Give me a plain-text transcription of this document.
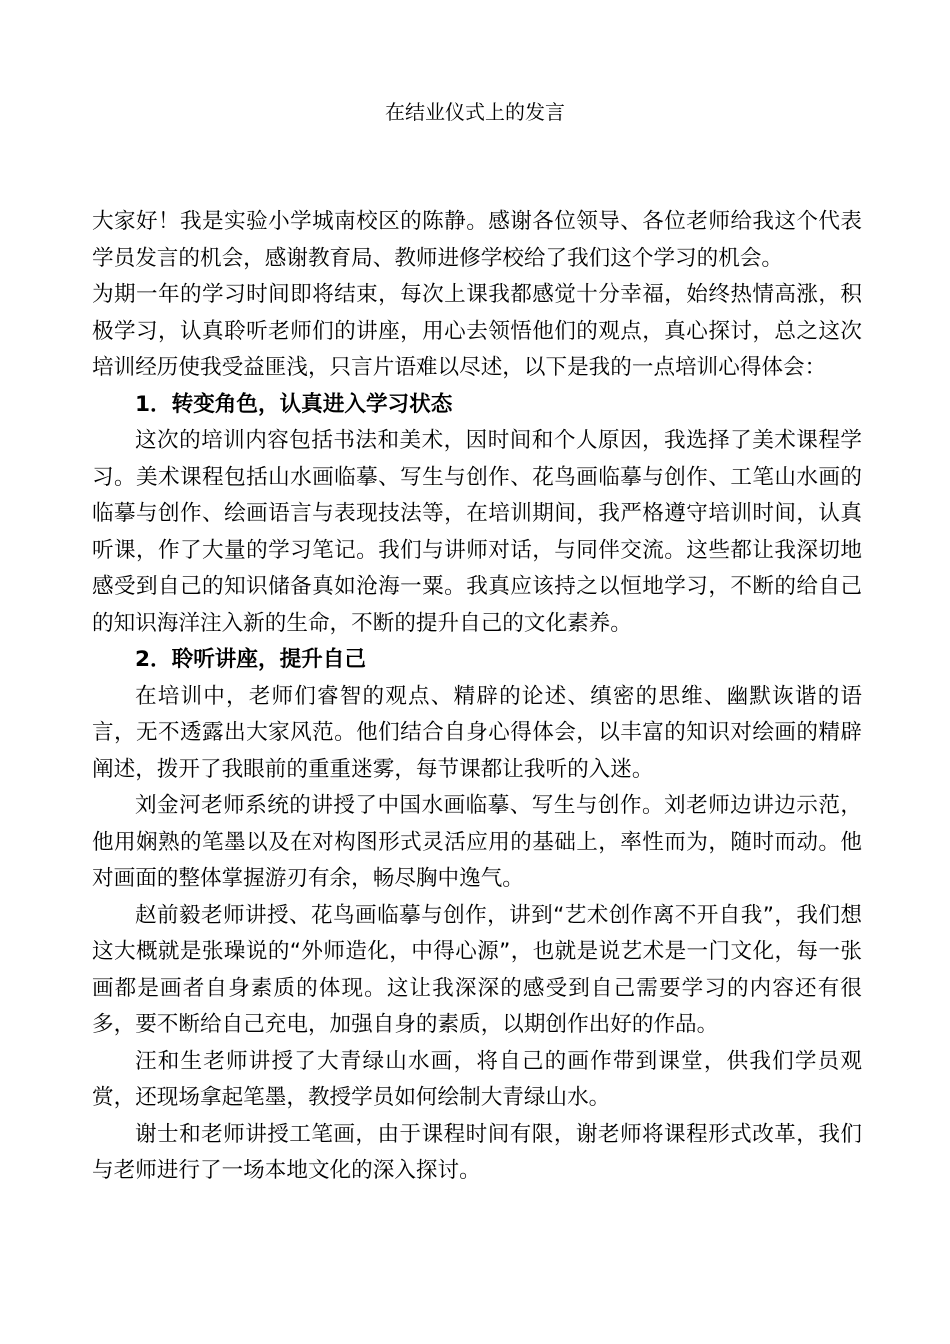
在结业仪式上的发言

大家好！我是实验小学城南校区的陈静。感谢各位领导、各位老师给我这个代表学员发言的机会，感谢教育局、教师进修学校给了我们这个学习的机会。

为期一年的学习时间即将结束，每次上课我都感觉十分幸福，始终热情高涨，积极学习，认真聆听老师们的讲座，用心去领悟他们的观点，真心探讨，总之这次培训经历使我受益匪浅，只言片语难以尽述，以下是我的一点培训心得体会：

1．转变角色，认真进入学习状态

这次的培训内容包括书法和美术，因时间和个人原因，我选择了美术课程学习。美术课程包括山水画临摹、写生与创作、花鸟画临摹与创作、工笔山水画的临摹与创作、绘画语言与表现技法等，在培训期间，我严格遵守培训时间，认真听课，作了大量的学习笔记。我们与讲师对话，与同伴交流。这些都让我深切地感受到自己的知识储备真如沧海一粟。我真应该持之以恒地学习，不断的给自己的知识海洋注入新的生命，不断的提升自己的文化素养。

2．聆听讲座，提升自己

在培训中，老师们睿智的观点、精辟的论述、缜密的思维、幽默诙谐的语言，无不透露出大家风范。他们结合自身心得体会，以丰富的知识对绘画的精辟阐述，拨开了我眼前的重重迷雾，每节课都让我听的入迷。

刘金河老师系统的讲授了中国水画临摹、写生与创作。刘老师边讲边示范，他用娴熟的笔墨以及在对构图形式灵活应用的基础上，率性而为，随时而动。他对画面的整体掌握游刃有余，畅尽胸中逸气。

赵前毅老师讲授、花鸟画临摹与创作，讲到“艺术创作离不开自我”，我们想这大概就是张璪说的“外师造化，中得心源”，也就是说艺术是一门文化，每一张画都是画者自身素质的体现。这让我深深的感受到自己需要学习的内容还有很多，要不断给自己充电，加强自身的素质，以期创作出好的作品。

汪和生老师讲授了大青绿山水画，将自己的画作带到课堂，供我们学员观赏，还现场拿起笔墨，教授学员如何绘制大青绿山水。

谢士和老师讲授工笔画，由于课程时间有限，谢老师将课程形式改革，我们与老师进行了一场本地文化的深入探讨。
